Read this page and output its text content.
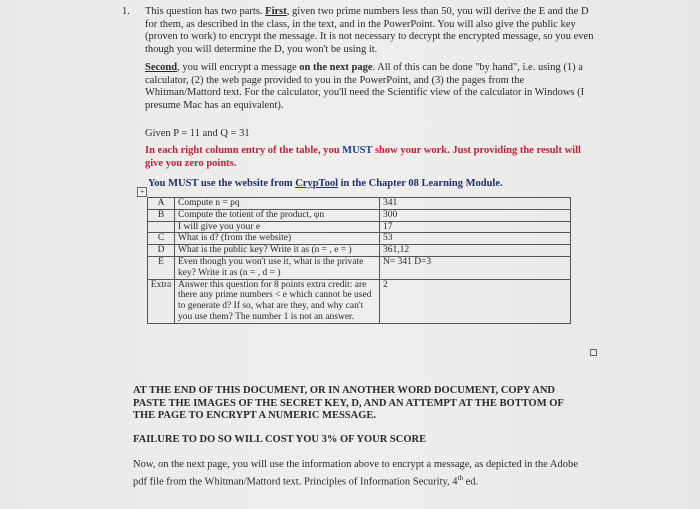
1. This question has two parts. First, given two prime numbers less than 50, you will derive the E and the D for them, as described in the class, in the text, and in the PowerPoint. You will also give the public key (proven to work) to encrypt the message. It is not necessary to decrypt the encrypted message, so you even though you will determine the D, you won't be using it.
Second, you will encrypt a message on the next page. All of this can be done "by hand", i.e. using (1) a calculator, (2) the web page provided to you in the PowerPoint, and (3) the pages from the Whitman/Mattord text. For the calculator, you'll need the Scientific view of the calculator in Windows (I presume Mac has an equivalent).
Given P = 11 and Q = 31
In each right column entry of the table, you MUST show your work. Just providing the result will give you zero points.
+
You MUST use the website from CrypTool in the Chapter 08 Learning Module.
A	Compute n = pq	341	
B	Compute the totient of the product, φn	300	
	I will give you your e	17	
C	What is d? (from the website)	53	
D	What is the public key? Write it as (n = , e = )	361,12	
E	Even though you won't use it, what is the private key? Write it as (n = , d = )	N= 341 D=3	
Extra	Answer this question for 8 points extra credit: are there any prime numbers < e which cannot be used to generate d? If so, what are they, and why can't you use them? The number 1 is not an answer.	2	
AT THE END OF THIS DOCUMENT, OR IN ANOTHER WORD DOCUMENT, COPY AND PASTE THE IMAGES OF THE SECRET KEY, D, AND AN ATTEMPT AT THE BOTTOM OF THE PAGE TO ENCRYPT A NUMERIC MESSAGE.
FAILURE TO DO SO WILL COST YOU 3% OF YOUR SCORE
Now, on the next page, you will use the information above to encrypt a message, as depicted in the Adobe pdf file from the Whitman/Mattord text. Principles of Information Security, 4th ed.
